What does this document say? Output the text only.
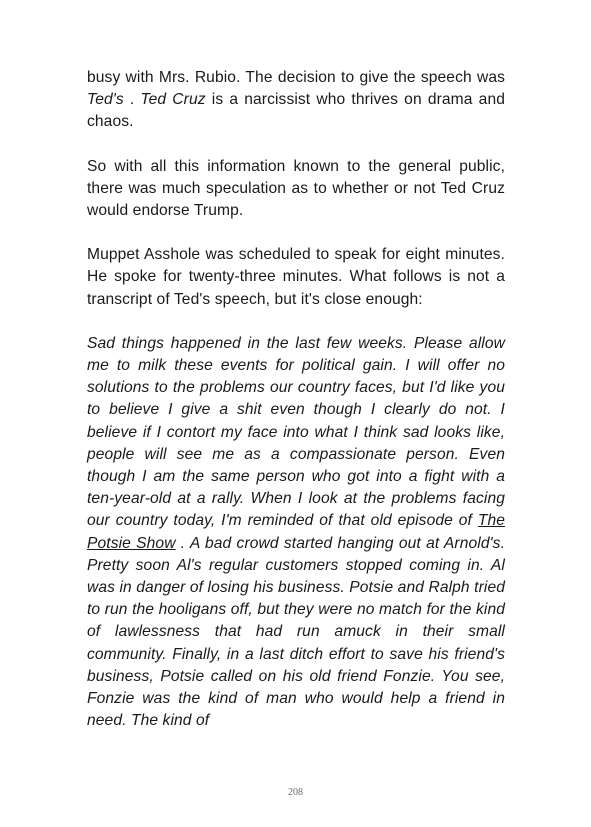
busy with Mrs. Rubio. The decision to give the speech was Ted's . Ted Cruz is a narcissist who thrives on drama and chaos.

So with all this information known to the general public, there was much speculation as to whether or not Ted Cruz would endorse Trump.

Muppet Asshole was scheduled to speak for eight minutes. He spoke for twenty-three minutes. What follows is not a transcript of Ted's speech, but it's close enough:

Sad things happened in the last few weeks. Please allow me to milk these events for political gain. I will offer no solutions to the problems our country faces, but I'd like you to believe I give a shit even though I clearly do not. I believe if I contort my face into what I think sad looks like, people will see me as a compassionate person. Even though I am the same person who got into a fight with a ten-year-old at a rally. When I look at the problems facing our country today, I'm reminded of that old episode of The Potsie Show . A bad crowd started hanging out at Arnold's. Pretty soon Al's regular customers stopped coming in. Al was in danger of losing his business. Potsie and Ralph tried to run the hooligans off, but they were no match for the kind of lawlessness that had run amuck in their small community. Finally, in a last ditch effort to save his friend's business, Potsie called on his old friend Fonzie. You see, Fonzie was the kind of man who would help a friend in need. The kind of

208
